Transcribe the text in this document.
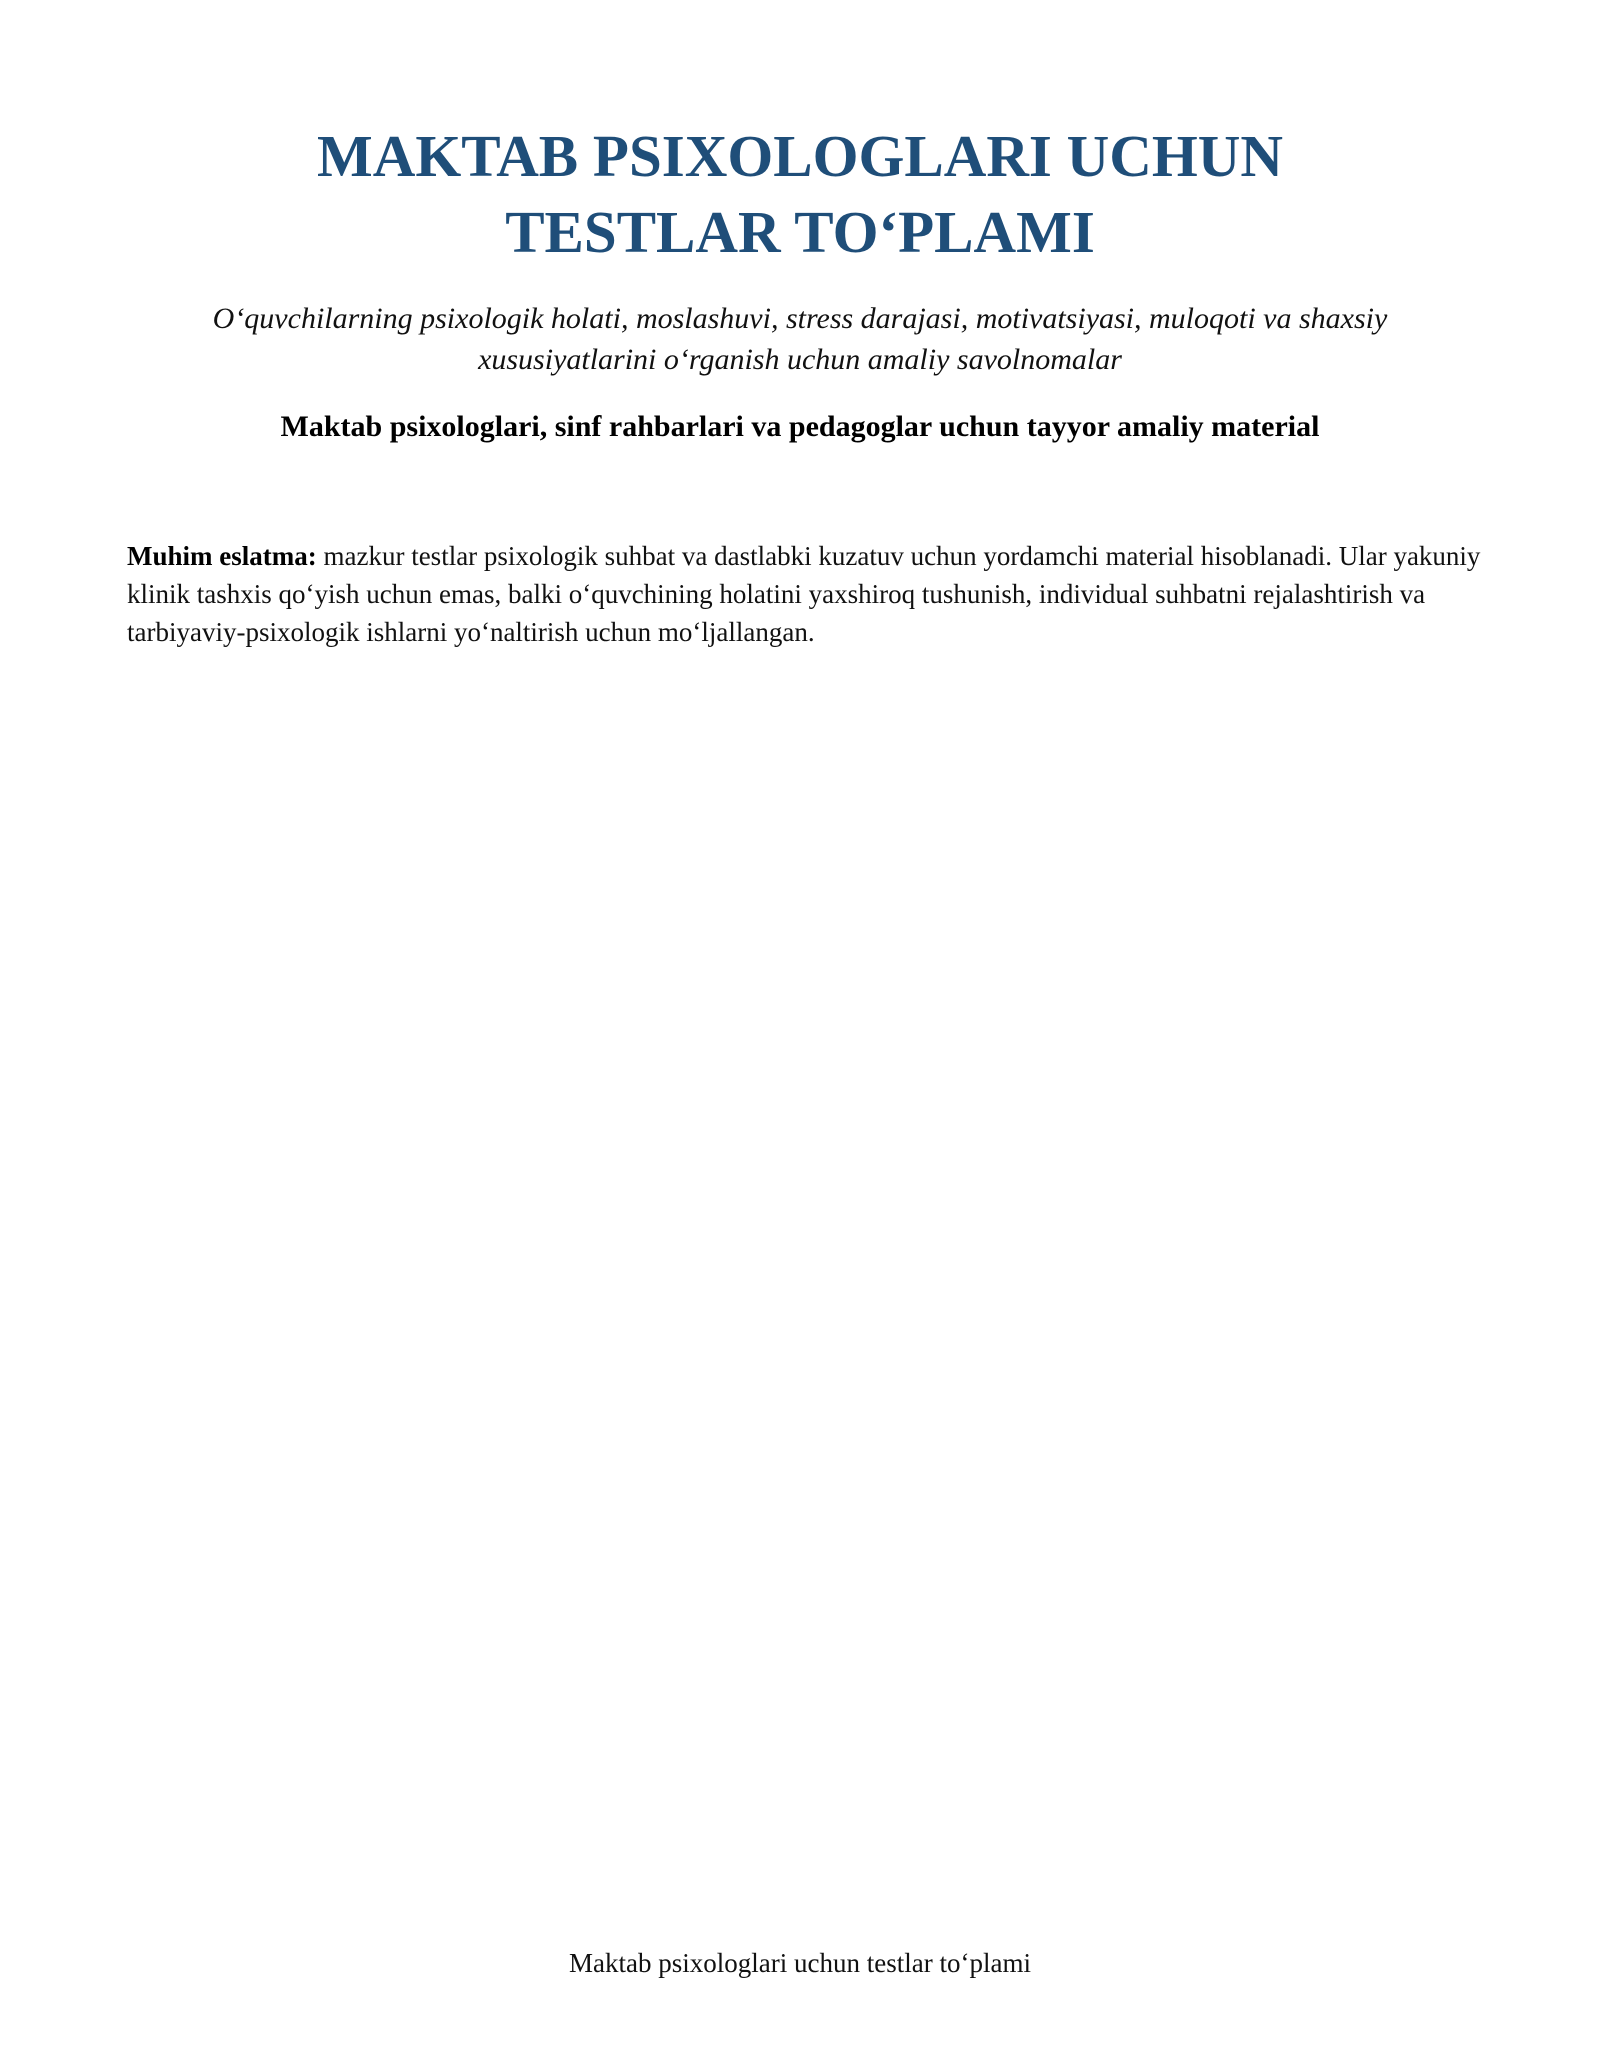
MAKTAB PSIXOLOGLARI UCHUN
TESTLAR TO‘PLAMI

O‘quvchilarning psixologik holati, moslashuvi, stress darajasi, motivatsiyasi, muloqoti va shaxsiy xususiyatlarini o‘rganish uchun amaliy savolnomalar

Maktab psixologlari, sinf rahbarlari va pedagoglar uchun tayyor amaliy material

Muhim eslatma: mazkur testlar psixologik suhbat va dastlabki kuzatuv uchun yordamchi material hisoblanadi. Ular yakuniy klinik tashxis qo‘yish uchun emas, balki o‘quvchining holatini yaxshiroq tushunish, individual suhbatni rejalashtirish va tarbiyaviy-psixologik ishlarni yo‘naltirish uchun mo‘ljallangan.

Maktab psixologlari uchun testlar to‘plami
